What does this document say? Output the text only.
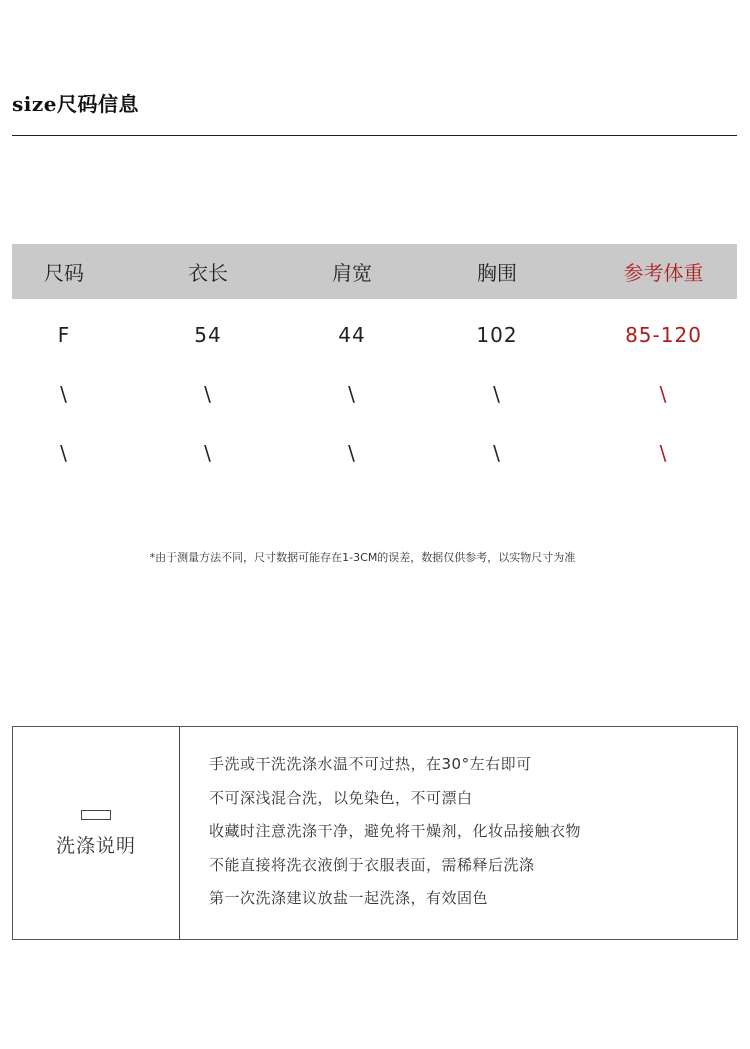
size尺码信息
尺码	衣长	肩宽	胸围	参考体重
F	54	44	102	85-120
\	\	\	\	\
\	\	\	\	\
*由于测量方法不同，尺寸数据可能存在1-3CM的误差，数据仅供参考，以实物尺寸为准
洗涤说明
手洗或干洗洗涤水温不可过热，在30°左右即可
不可深浅混合洗，以免染色，不可漂白
收藏时注意洗涤干净，避免将干燥剂，化妆品接触衣物
不能直接将洗衣液倒于衣服表面，需稀释后洗涤
第一次洗涤建议放盐一起洗涤，有效固色
